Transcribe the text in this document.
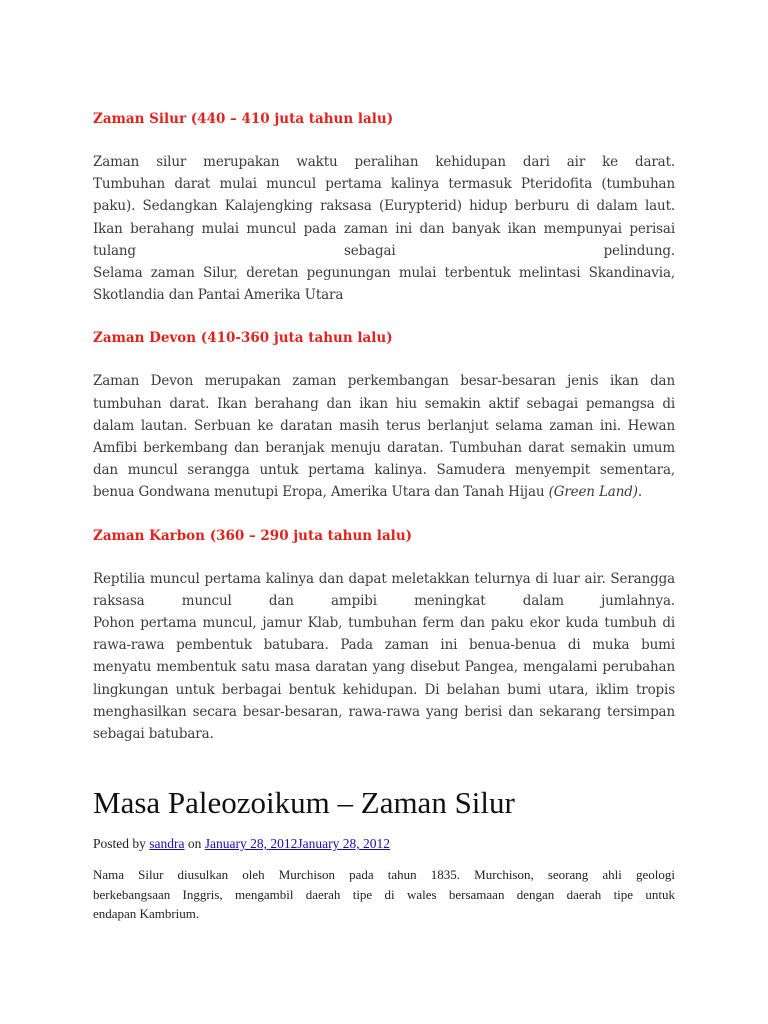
Zaman Silur (440 – 410 juta tahun lalu)

Zaman silur merupakan waktu peralihan kehidupan dari air ke darat.
Tumbuhan darat mulai muncul pertama kalinya termasuk Pteridofita (tumbuhan
paku). Sedangkan Kalajengking raksasa (Eurypterid) hidup berburu di dalam laut.
Ikan berahang mulai muncul pada zaman ini dan banyak ikan mempunyai perisai
tulang sebagai pelindung.
Selama zaman Silur, deretan pegunungan mulai terbentuk melintasi Skandinavia,
Skotlandia dan Pantai Amerika Utara

Zaman Devon (410-360 juta tahun lalu)

Zaman Devon merupakan zaman perkembangan besar-besaran jenis ikan dan
tumbuhan darat. Ikan berahang dan ikan hiu semakin aktif sebagai pemangsa di
dalam lautan. Serbuan ke daratan masih terus berlanjut selama zaman ini. Hewan
Amfibi berkembang dan beranjak menuju daratan. Tumbuhan darat semakin umum
dan muncul serangga untuk pertama kalinya. Samudera menyempit sementara,
benua Gondwana menutupi Eropa, Amerika Utara dan Tanah Hijau (Green Land).

Zaman Karbon (360 – 290 juta tahun lalu)

Reptilia muncul pertama kalinya dan dapat meletakkan telurnya di luar air. Serangga
raksasa muncul dan ampibi meningkat dalam jumlahnya.
Pohon pertama muncul, jamur Klab, tumbuhan ferm dan paku ekor kuda tumbuh di
rawa-rawa pembentuk batubara. Pada zaman ini benua-benua di muka bumi
menyatu membentuk satu masa daratan yang disebut Pangea, mengalami perubahan
lingkungan untuk berbagai bentuk kehidupan. Di belahan bumi utara, iklim tropis
menghasilkan secara besar-besaran, rawa-rawa yang berisi dan sekarang tersimpan
sebagai batubara.

Masa Paleozoikum – Zaman Silur
Posted by sandra on January 28, 2012January 28, 2012
Nama Silur diusulkan oleh Murchison pada tahun 1835. Murchison, seorang ahli geologi
berkebangsaan Inggris, mengambil daerah tipe di wales bersamaan dengan daerah tipe untuk
endapan Kambrium.
